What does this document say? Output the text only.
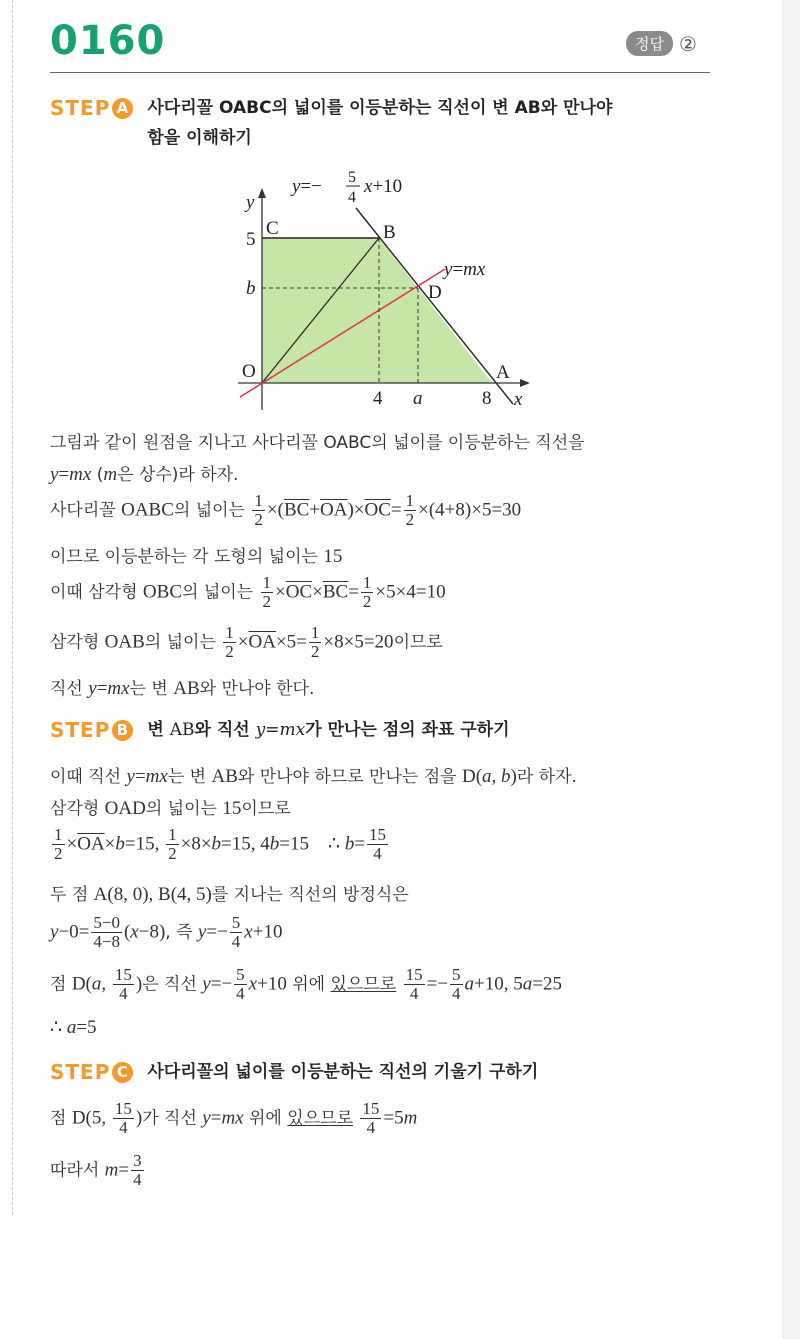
0160	정답 ②
STEP A 사다리꼴 OABC의 넓이를 이등분하는 직선이 변 AB와 만나야
함을 이해하기
y=− 5
4
x+10
y=mx
y
x
C	B
D
O	A
5
b
4 a	8
그림과 같이 원점을 지나고 사다리꼴 OABC의 넓이를 이등분하는 직선을
y=mx (m은 상수)라 하자.
사다리꼴 OABC의 넓이는 $\frac{1}{2} \times(\overline{BC}+\overline{OA})\times\overline{OC}= \frac{1}{2} \times(4+8)\times 5=30$
이므로 이등분하는 각 도형의 넓이는 15
이때 삼각형 OBC의 넓이는 $\frac{1}{2} \times\overline{OC}\times\overline{BC}= \frac{1}{2} \times 5\times 4=10$
삼각형 OAB의 넓이는 $\frac{1}{2} \times\overline{OA}\times 5= \frac{1}{2} \times 8\times 5=20$이므로
직선 y=mx는 변 AB와 만나야 한다.
STEP B 변 AB와 직선 y=mx가 만나는 점의 좌표 구하기
이때 직선 y=mx는 변 AB와 만나야 하므로 만나는 점을 D(a, b)라 하자.
삼각형 OAD의 넓이는 15이므로
$\frac{1}{2} \times\overline{OA}\times b=15$, $\frac{1}{2} \times 8\times b=15$, 4b=15    ∴ $b= \frac{15}{4}$
두 점 A(8, 0), B(4, 5)를 지나는 직선의 방정식은
$y-0= \frac{5-0}{4-8} (x-8)$, 즉 $y=- \frac{5}{4} x+10$
점 D(a, $\frac{15}{4}$ )은 직선 $y=- \frac{5}{4} x+10$ 위에 있으므로 $\frac{15}{4} =- \frac{5}{4} a+10$, 5a=25
∴ a=5
STEP C 사다리꼴의 넓이를 이등분하는 직선의 기울기 구하기
점 D(5, $\frac{15}{4}$ )가 직선 y=mx 위에 있으므로 $\frac{15}{4} =5m$
따라서 $m= \frac{3}{4}$
